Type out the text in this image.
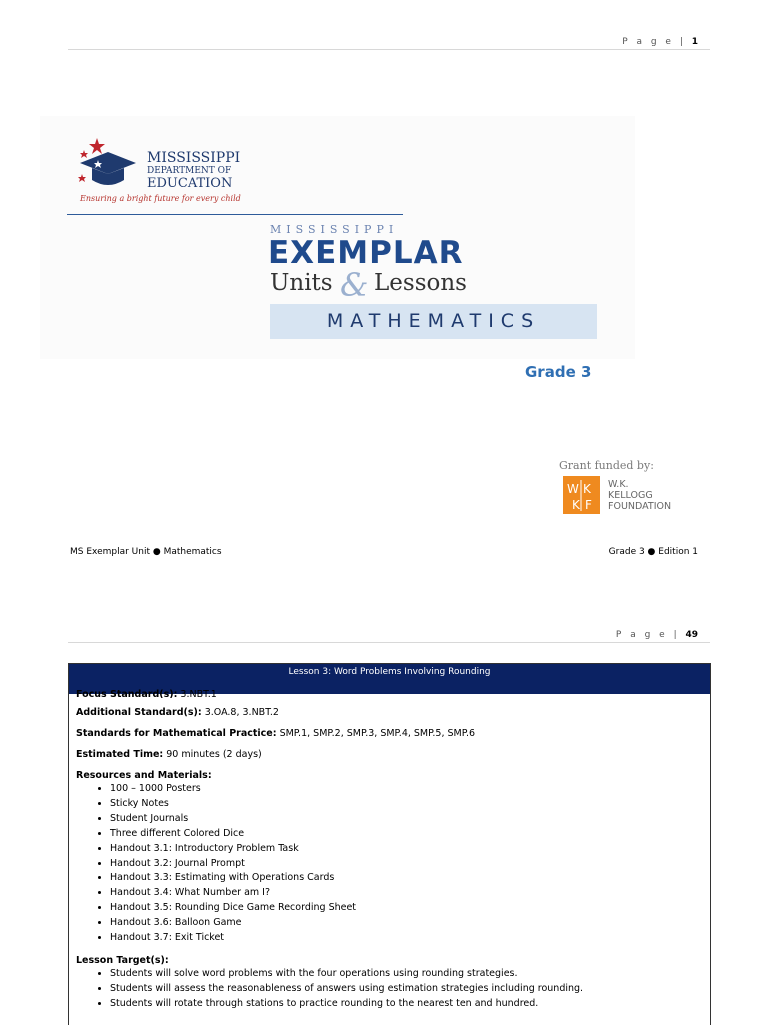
P a g e | 1
MISSISSIPPI
DEPARTMENT OF
EDUCATION
Ensuring a bright future for every child
MISSISSIPPI
EXEMPLAR
Units & Lessons
MATHEMATICS
Grade 3
Grant funded by:
W K
K F
W.K.
KELLOGG
FOUNDATION
MS Exemplar Unit ● Mathematics	Grade 3 ● Edition 1
P a g e | 49
Lesson 3: Word Problems Involving Rounding
Focus Standard(s): 3.NBT.1
Additional Standard(s): 3.OA.8, 3.NBT.2
Standards for Mathematical Practice: SMP.1, SMP.2, SMP.3, SMP.4, SMP.5, SMP.6
Estimated Time: 90 minutes (2 days)
Resources and Materials:
• 100 – 1000 Posters
• Sticky Notes
• Student Journals
• Three different Colored Dice
• Handout 3.1: Introductory Problem Task
• Handout 3.2: Journal Prompt
• Handout 3.3: Estimating with Operations Cards
• Handout 3.4: What Number am I?
• Handout 3.5: Rounding Dice Game Recording Sheet
• Handout 3.6: Balloon Game
• Handout 3.7: Exit Ticket
Lesson Target(s):
• Students will solve word problems with the four operations using rounding strategies.
• Students will assess the reasonableness of answers using estimation strategies including rounding.
• Students will rotate through stations to practice rounding to the nearest ten and hundred.
